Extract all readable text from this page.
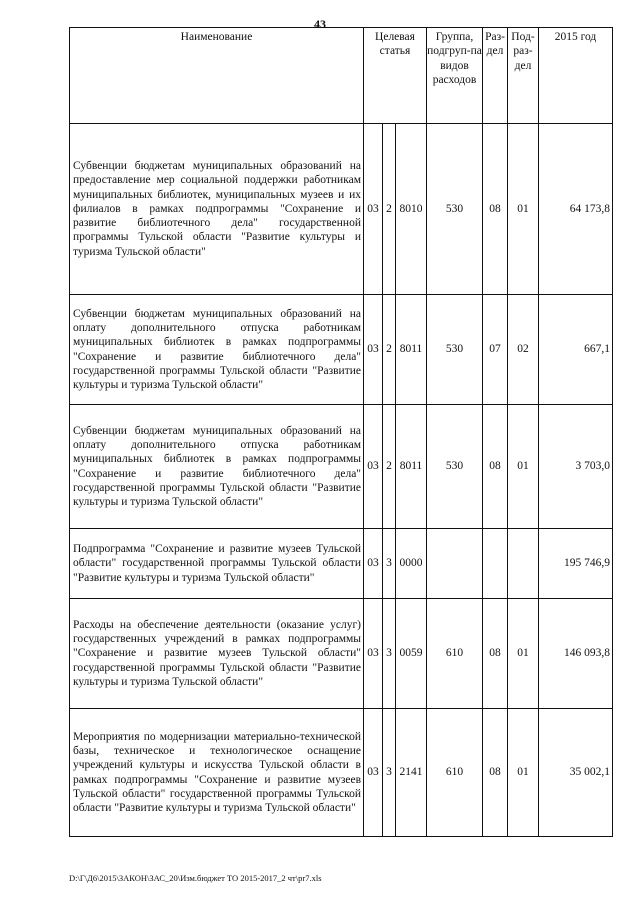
43
Наименование	Целевая статья			Группа, подгруп-па видов расходов	Раз-дел	Под-раз-дел	2015 год
Субвенции бюджетам муниципальных образований на предоставление мер социальной поддержки работникам муниципальных библиотек, муниципальных музеев и их филиалов в рамках подпрограммы "Сохранение и развитие библиотечного дела" государственной программы Тульской области "Развитие культуры и туризма Тульской области"	03	2	8010	530	08	01	64 173,8
Субвенции бюджетам муниципальных образований на оплату дополнительного отпуска работникам муниципальных библиотек в рамках подпрограммы "Сохранение и развитие библиотечного дела" государственной программы Тульской области "Развитие культуры и туризма Тульской области"	03	2	8011	530	07	02	667,1
Субвенции бюджетам муниципальных образований на оплату дополнительного отпуска работникам муниципальных библиотек в рамках подпрограммы "Сохранение и развитие библиотечного дела" государственной программы Тульской области "Развитие культуры и туризма Тульской области"	03	2	8011	530	08	01	3 703,0
Подпрограмма "Сохранение и развитие музеев Тульской области" государственной программы Тульской области "Развитие культуры и туризма Тульской области"	03	3	0000				195 746,9
Расходы на обеспечение деятельности (оказание услуг) государственных учреждений в рамках подпрограммы "Сохранение и развитие музеев Тульской области" государственной программы Тульской области "Развитие культуры и туризма Тульской области"	03	3	0059	610	08	01	146 093,8
Мероприятия по модернизации материально-технической базы, техническое и технологическое оснащение учреждений культуры и искусства Тульской области в рамках подпрограммы "Сохранение и развитие музеев Тульской области" государственной программы Тульской области "Развитие культуры и туризма Тульской области"	03	3	2141	610	08	01	35 002,1
D:\Г\Д6\2015\ЗАКОН\ЗАС_20\Изм.бюджет ТО 2015-2017_2 чт\pr7.xls
